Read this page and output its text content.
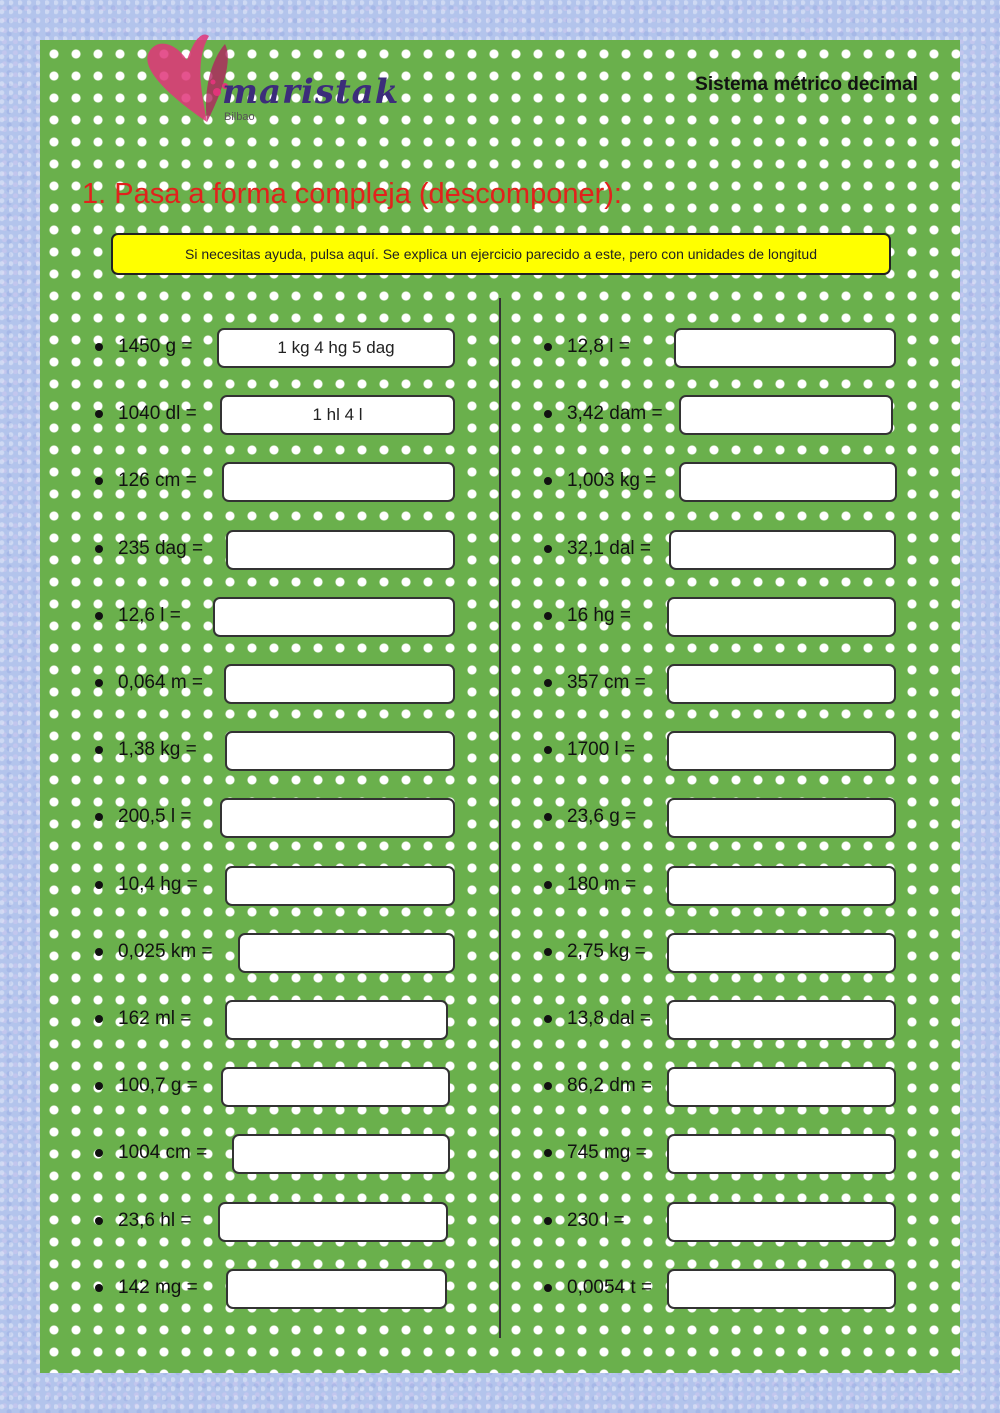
maristak
Bilbao
Sistema métrico decimal
1. Pasa a forma compleja (descomponer):
Si necesitas ayuda, pulsa aquí. Se explica un ejercicio parecido a este, pero con unidades de longitud
1450 g =
1 kg 4 hg 5 dag
1040 dl =
1 hl 4 l
126 cm =
235 dag =
12,6 l =
0,064 m =
1,38 kg =
200,5 l =
10,4 hg =
0,025 km =
162 ml =
100,7 g =
1004 cm =
23,6 hl =
142 mg =
12,8 l =
3,42 dam =
1,003 kg =
32,1 dal =
16 hg =
357 cm =
1700 l =
23,6 g =
180 m =
2,75 kg =
13,8 dal =
86,2 dm =
745 mg =
230 l =
0,0054 t =
